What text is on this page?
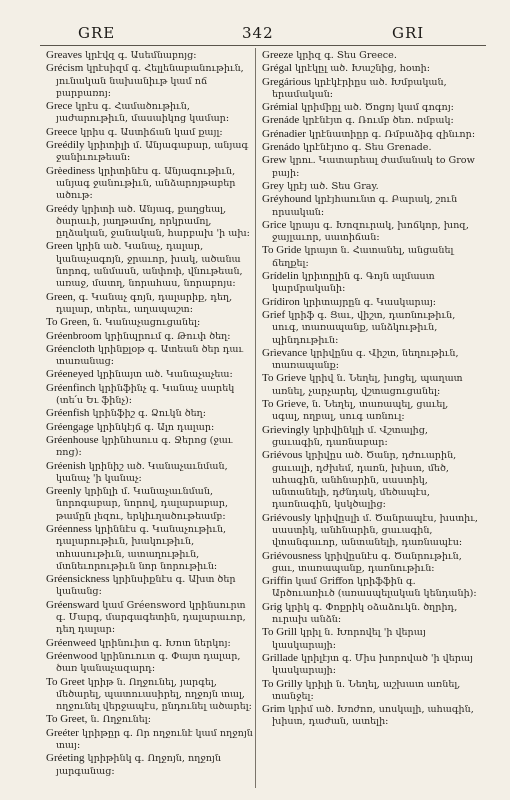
GRE	342	GRI

Greaves կրէվզ գ. Ասեմնաբոյց։

Grécism կրէսիզմ գ. Հելլենաբանութիւն, յունական նախանիւթ կամ ոճ բարբառոյ։

Grece կրէս գ. Համածութիւն, յաժարութիւն, մասաիկոց կամար։

Greece կրիս գ. Աստիճան կամ քայլ։

Greédily կրիտիլի մ. Անյագաբար, անյագ ջանիւութեան։

Grèediness կրիտինէս գ. Անյագութիւն, անյագ ջանութիւն, անձարոյթաբեր ածութ։

Greédy կրիտի ած. Անյագ, քաղցեալ, ծարաւի, յաղթամոլ, որկրամոլ, ըղձական, ջանական, հարբախ 'ի ախ։

Green կրին ած. Կանաչ, դալար, կանաչագոյն, ջրաւոր, խակ, ածանա նորոգ, անմասն, անփոփ, վնութեան, առաջ, մատղ, նորահաս, նորաբոյս։

Green, գ. Կանաչ գոյն, դալարիք, դեղ, դալար, տերեւ, աղապաշտ։

To Green, ն. Կանաչացուցանել։

Gréenbroom կրինպրում գ. Թուփ ծեղ։

Gréencloth կրինքլօթ գ. Ատեան ծեր դաւ տառանաց։

Gréeneyed կրինայտ ած. Կանաչաչեա։

Gréenfinch կրինֆինչ գ. Կանաչ սարեկ (տե՛ս Եւ ֆինչ)։

Gréenfish կրինֆիշ գ. Ձուկն ծեղ։

Gréengage կրինկէյճ գ. Ալո դալար։

Gréenhouse կրինհաուս գ. Ջերոց (ջաւ ռոց)։

Gréenish կրինիշ ած. Կանաչաւնման, կանաչ 'ի կանաչ։

Greenly կրինլի մ. Կանաչաւնման, նորոգաբար, նորով, դալարաբար, թամըն լեզու, երկիւղածութեամբ։

Gréenness կրիննէս գ. Կանաչութիւն, դալարութիւն, խակութիւն, տհասութիւն, ատաղութիւն, մտնեւորութիւն նոր նորութիւն։

Gréensickness կրինսիքնէս գ. Ախտ ծեր կանանց։

Gréensward կամ Gréensword կրինսուրտ գ. Մարգ, մարգագետին, դալարաւոր, դեղ դալար։

Gréenweed կրինուիտ գ. Խոտ ներկոյ։

Gréenwood կրինուուտ գ. Փայտ դալար, ծառ կանաչազարդ։

To Greet կրիթ ն. Ողջունել, յարգել, մեծարել, պատուասիրել, ողջոյն տալ, ողջունել վերջապէս, ընդունել ածարել։

To Greet, ն. Ողջունել։

Greéter կրիթըր գ. Որ ողջունէ կամ ողջոյն տայ։

Gréeting կրիթինկ գ. Ողջոյն, ողջոյն յարգանաց։

Greeze կրիզ գ. Տես Greece.

Grégal կրէկըլ ած. Խաշնից, հօտի։

Gregárious կրէկէրիըս ած. Խմբական, երամական։

Grémial կրիմիըլ ած. Ծոցոյ կամ գոգոյ։

Grenáde կրէնէյտ գ. Ռումբ ծեռ. ռմբակ։

Grénadier կրէնատիըր գ. Ռմբաձիգ զինւոր։

Grenádo կրէնէյտօ գ. Տես Grenade.

Grew կրու. Կատարեալ ժամանակ to Grow բայի։

Grey կրէյ ած. Տես Gray.

Gréyhound կրէյհաունտ գ. Բարակ, շուն որսական։

Grice կրայս գ. Խոզուրակ, խոճկոր, խոզ, ջայլաւոր, սատիճան։

To Gride կրայտ ն. Հատանել, անցանել ճեղքել։

Grídelin կրիտըլին գ. Գոյն ալմաստ կարմրականի։

Grídiron կրիտայրըն գ. Կասկարայ։

Grief կրիֆ գ. Ցաւ, վիշտ, դառնութիւն, սուգ, տառապանք, անձկութիւն, պինդութիւն։

Grìevance կրիվընս գ. Վիշտ, նեղութիւն, տառապանք։

To Grieve կրիվ ն. Նեղել, խոցել, պաղատ առնել, չարչարել, վշտացուցանել։

To Grieve, ն. Նեղել, տառապել, ցաւել, սգալ, ողբալ, սուգ առնուլ։

Grìevingly կրիվինկլի մ. Վշտալից, ցաւագին, դառնաբար։

Griévous կրիվըս ած. Ծանր, դժուարին, ցաւալի, դժխեմ, դառն, խիստ, մեծ, ահագին, անհնարին, սաստիկ, անտանելի, դժնդակ, մեծապէս, դառնագին, կսկծալից։

Griévously կրիվըսլի մ. Ծանրապէս, խստիւ, սաստիկ, անհնարին, ցաւագին, վտանգաւոր, անտանելի, դառնապէս։

Griévousness կրիվըսնէս գ. Ծանրութիւն, ցաւ, տառապանք, դառնութիւն։

Griffin կամ Griffon կրիֆֆին գ. Արծուառիւծ (առասպելական կենդանի)։

Grig կրիկ գ. Փոքրիկ օձաձուկն. ծղրիդ, ուրախ անձն։

To Grill կրիլ ն. Խորովել 'ի վերայ կասկարայի։

Grillade կրիլէյտ գ. Միս խորոված 'ի վերայ կասկարայի։

To Grilly կրիլի ն. Նեղել, աշխատ առնել, տանջել։

Grim կրիմ ած. Խոժոռ, սոսկալի, ահագին, խիստ, դաժան, ատելի։
